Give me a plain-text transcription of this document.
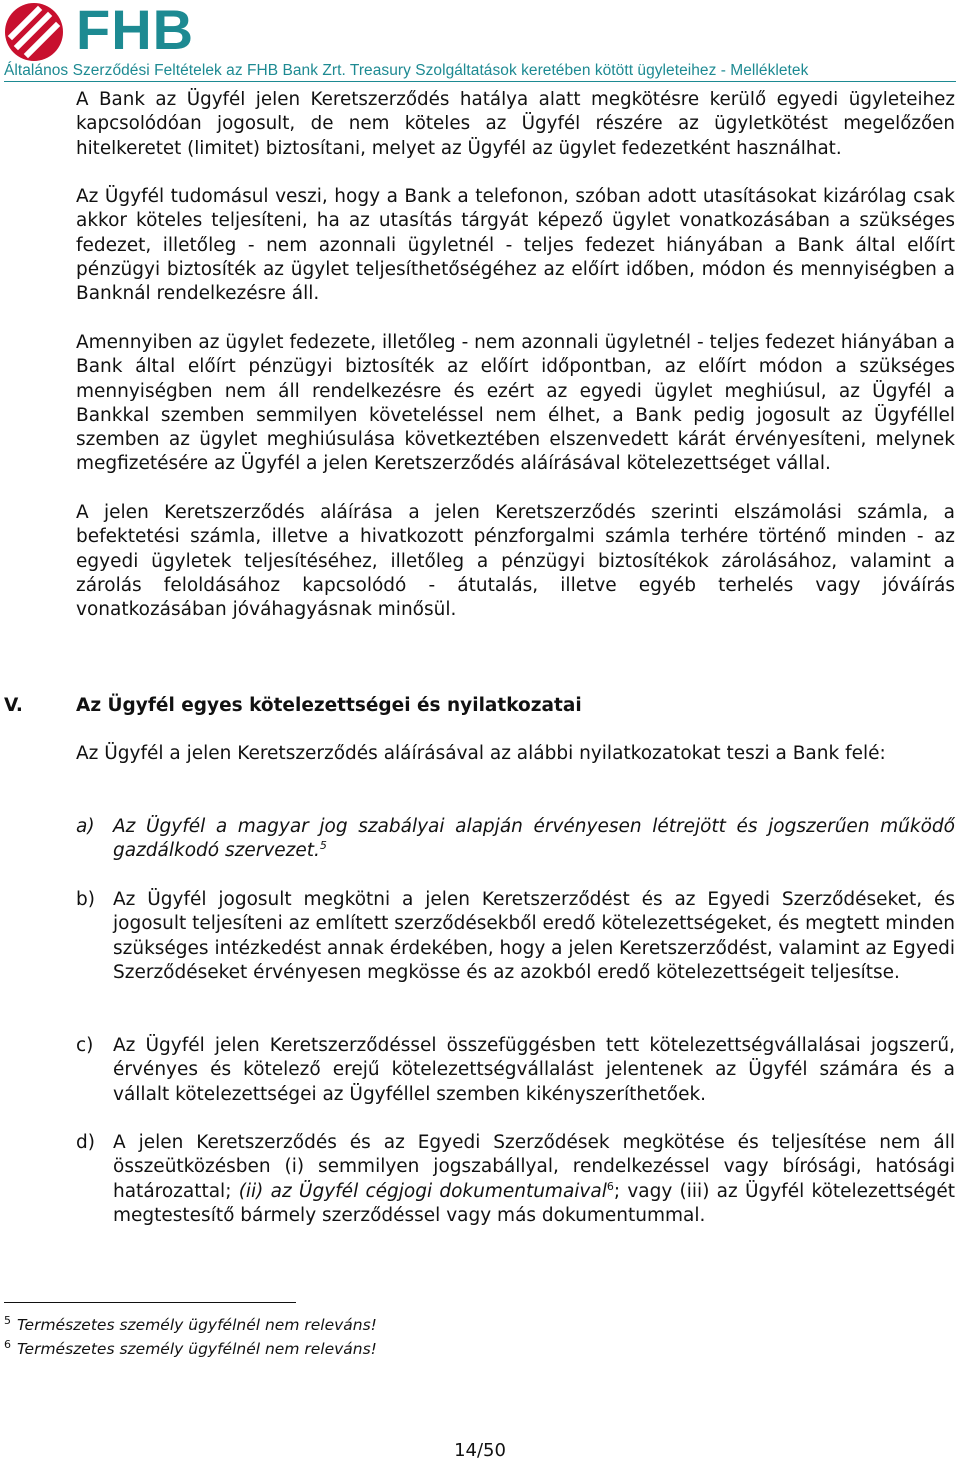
FHB
Általános Szerződési Feltételek az FHB Bank Zrt. Treasury Szolgáltatások keretében kötött ügyleteihez - Mellékletek

A Bank az Ügyfél jelen Keretszerződés hatálya alatt megkötésre kerülő egyedi ügyleteihez kapcsolódóan jogosult, de nem köteles az Ügyfél részére az ügyletkötést megelőzően hitelkeretet (limitet) biztosítani, melyet az Ügyfél az ügylet fedezetként használhat.

Az Ügyfél tudomásul veszi, hogy a Bank a telefonon, szóban adott utasításokat kizárólag csak akkor köteles teljesíteni, ha az utasítás tárgyát képező ügylet vonatkozásában a szükséges fedezet, illetőleg - nem azonnali ügyletnél - teljes fedezet hiányában a Bank által előírt pénzügyi biztosíték az ügylet teljesíthetőségéhez az előírt időben, módon és mennyiségben a Banknál rendelkezésre áll.

Amennyiben az ügylet fedezete, illetőleg - nem azonnali ügyletnél - teljes fedezet hiányában a Bank által előírt pénzügyi biztosíték az előírt időpontban, az előírt módon a szükséges mennyiségben nem áll rendelkezésre és ezért az egyedi ügylet meghiúsul, az Ügyfél a Bankkal szemben semmilyen követeléssel nem élhet, a Bank pedig jogosult az Ügyféllel szemben az ügylet meghiúsulása következtében elszenvedett kárát érvényesíteni, melynek megfizetésére az Ügyfél a jelen Keretszerződés aláírásával kötelezettséget vállal.

A jelen Keretszerződés aláírása a jelen Keretszerződés szerinti elszámolási számla, a befektetési számla, illetve a hivatkozott pénzforgalmi számla terhére történő minden - az egyedi ügyletek teljesítéséhez, illetőleg a pénzügyi biztosítékok zárolásához, valamint a zárolás feloldásához kapcsolódó - átutalás, illetve egyéb terhelés vagy jóváírás vonatkozásában jóváhagyásnak minősül.

V.	Az Ügyfél egyes kötelezettségei és nyilatkozatai

Az Ügyfél a jelen Keretszerződés aláírásával az alábbi nyilatkozatokat teszi a Bank felé:

a) Az Ügyfél a magyar jog szabályai alapján érvényesen létrejött és jogszerűen működő gazdálkodó szervezet.$^5$
b) Az Ügyfél jogosult megkötni a jelen Keretszerződést és az Egyedi Szerződéseket, és jogosult teljesíteni az említett szerződésekből eredő kötelezettségeket, és megtett minden szükséges intézkedést annak érdekében, hogy a jelen Keretszerződést, valamint az Egyedi Szerződéseket érvényesen megkösse és az azokból eredő kötelezettségeit teljesítse.
c) Az Ügyfél jelen Keretszerződéssel összefüggésben tett kötelezettségvállalásai jogszerű, érvényes és kötelező erejű kötelezettségvállalást jelentenek az Ügyfél számára és a vállalt kötelezettségei az Ügyféllel szemben kikényszeríthetőek.
d) A jelen Keretszerződés és az Egyedi Szerződések megkötése és teljesítése nem áll összeütközésben (i) semmilyen jogszabállyal, rendelkezéssel vagy bírósági, hatósági határozattal; (ii) az Ügyfél cégjogi dokumentumaival$^6$; vagy (iii) az Ügyfél kötelezettségét megtestesítő bármely szerződéssel vagy más dokumentummal.
$^5$ Természetes személy ügyfélnél nem releváns!
$^6$ Természetes személy ügyfélnél nem releváns!
14/50
